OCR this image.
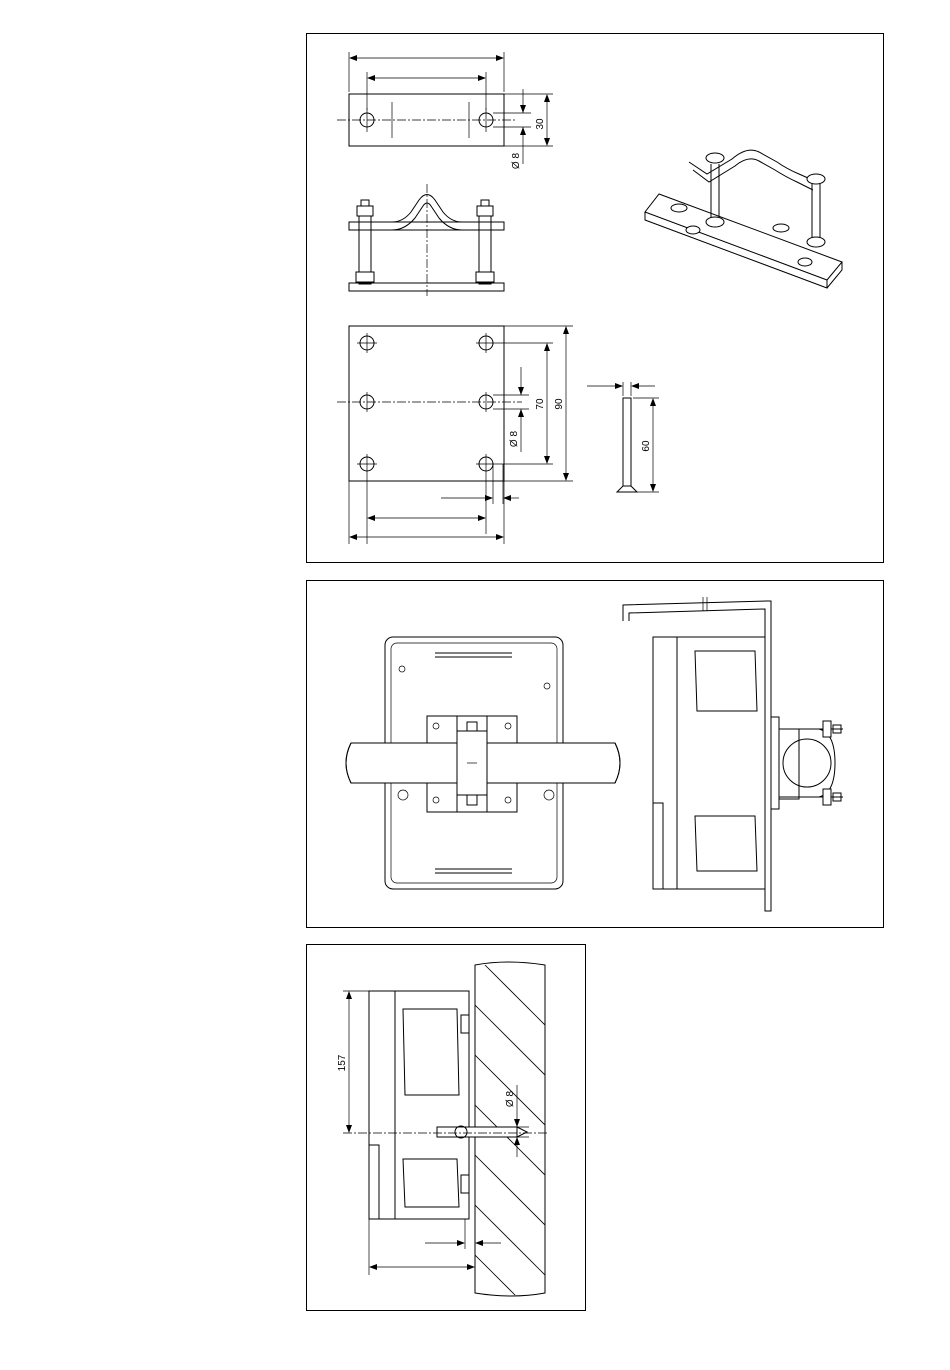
30
Ø 8
90
70
Ø 8	60
157
Ø 8
